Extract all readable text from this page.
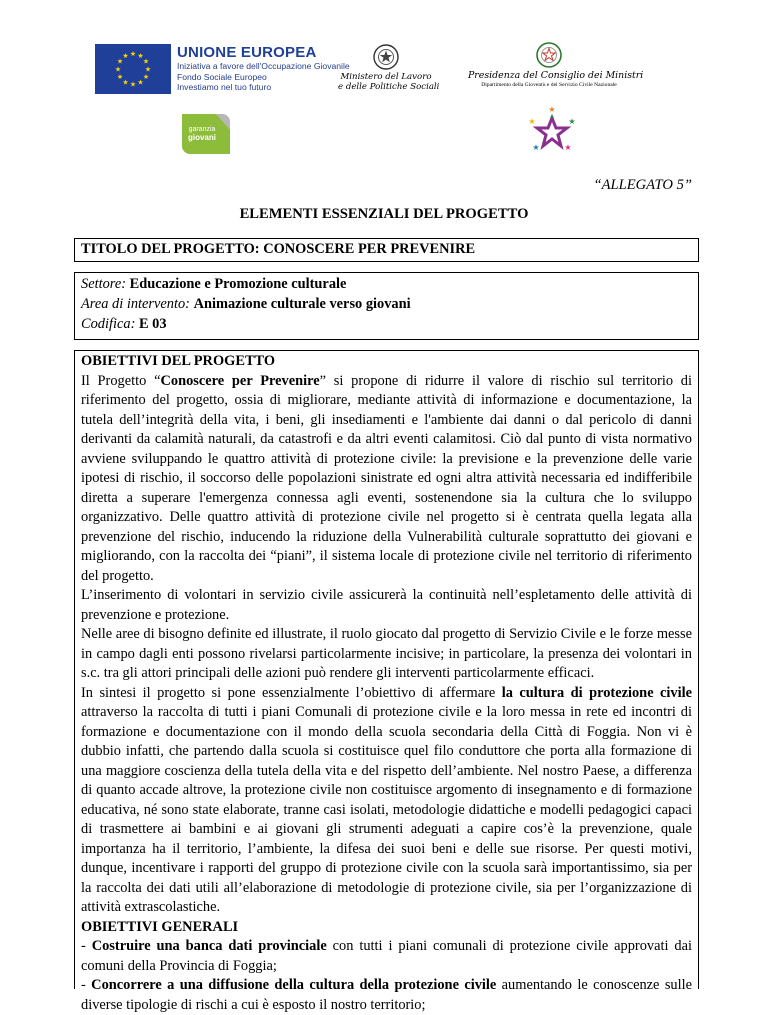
★ ★
★
★
★
★
★
★
★
★
★
★	UNIONE EUROPEA
Iniziativa a favore dell'Occupazione Giovanile
Fondo Sociale Europeo
Investiamo nel tuo futuro
Ministero del Lavoro
e delle Politiche Sociali
Presidenza del Consiglio dei Ministri
Dipartimento della Gioventù e del Servizio Civile Nazionale
garanzia
giovani
★
★
★
★
★
“ALLEGATO 5”
ELEMENTI ESSENZIALI DEL PROGETTO
TITOLO DEL PROGETTO: CONOSCERE PER PREVENIRE
Settore: Educazione e Promozione culturale
Area di intervento: Animazione culturale verso giovani
Codifica: E 03

OBIETTIVI DEL PROGETTO

Il Progetto “Conoscere per Prevenire” si propone di ridurre il valore di rischio sul territorio di riferimento del progetto, ossia di migliorare, mediante attività di informazione e documentazione, la tutela dell’integrità della vita, i beni, gli insediamenti e l'ambiente dai danni o dal pericolo di danni derivanti da calamità naturali, da catastrofi e da altri eventi calamitosi. Ciò dal punto di vista normativo avviene sviluppando le quattro attività di protezione civile: la previsione e la prevenzione delle varie ipotesi di rischio, il soccorso delle popolazioni sinistrate ed ogni altra attività necessaria ed indifferibile diretta a superare l'emergenza connessa agli eventi, sostenendone sia la cultura che lo sviluppo organizzativo. Delle quattro attività di protezione civile nel progetto si è centrata quella legata alla prevenzione del rischio, inducendo la riduzione della Vulnerabilità culturale soprattutto dei giovani e migliorando, con la raccolta dei “piani”, il sistema locale di protezione civile nel territorio di riferimento del progetto.

L’inserimento di volontari in servizio civile assicurerà la continuità nell’espletamento delle attività di prevenzione e protezione.

Nelle aree di bisogno definite ed illustrate, il ruolo giocato dal progetto di Servizio Civile e le forze messe in campo dagli enti possono rivelarsi particolarmente incisive; in particolare, la presenza dei volontari in s.c. tra gli attori principali delle azioni può rendere gli interventi particolarmente efficaci.

In sintesi il progetto si pone essenzialmente l’obiettivo di affermare la cultura di protezione civile attraverso la raccolta di tutti i piani Comunali di protezione civile e la loro messa in rete ed incontri di formazione e documentazione con il mondo della scuola secondaria della Città di Foggia. Non vi è dubbio infatti, che partendo dalla scuola si costituisce quel filo conduttore che porta alla formazione di una maggiore coscienza della tutela della vita e del rispetto dell’ambiente. Nel nostro Paese, a differenza di quanto accade altrove, la protezione civile non costituisce argomento di insegnamento e di formazione educativa, né sono state elaborate, tranne casi isolati, metodologie didattiche e modelli pedagogici capaci di trasmettere ai bambini e ai giovani gli strumenti adeguati a capire cos’è la prevenzione, quale importanza ha il territorio, l’ambiente, la difesa dei suoi beni e delle sue risorse. Per questi motivi, dunque, incentivare i rapporti del gruppo di protezione civile con la scuola sarà importantissimo, sia per la raccolta dei dati utili all’elaborazione di metodologie di protezione civile, sia per l’organizzazione di attività extrascolastiche.

OBIETTIVI GENERALI

- Costruire una banca dati provinciale con tutti i piani comunali di protezione civile approvati dai comuni della Provincia di Foggia;

- Concorrere a una diffusione della cultura della protezione civile aumentando le conoscenze sulle diverse tipologie di rischi a cui è esposto il nostro territorio;
